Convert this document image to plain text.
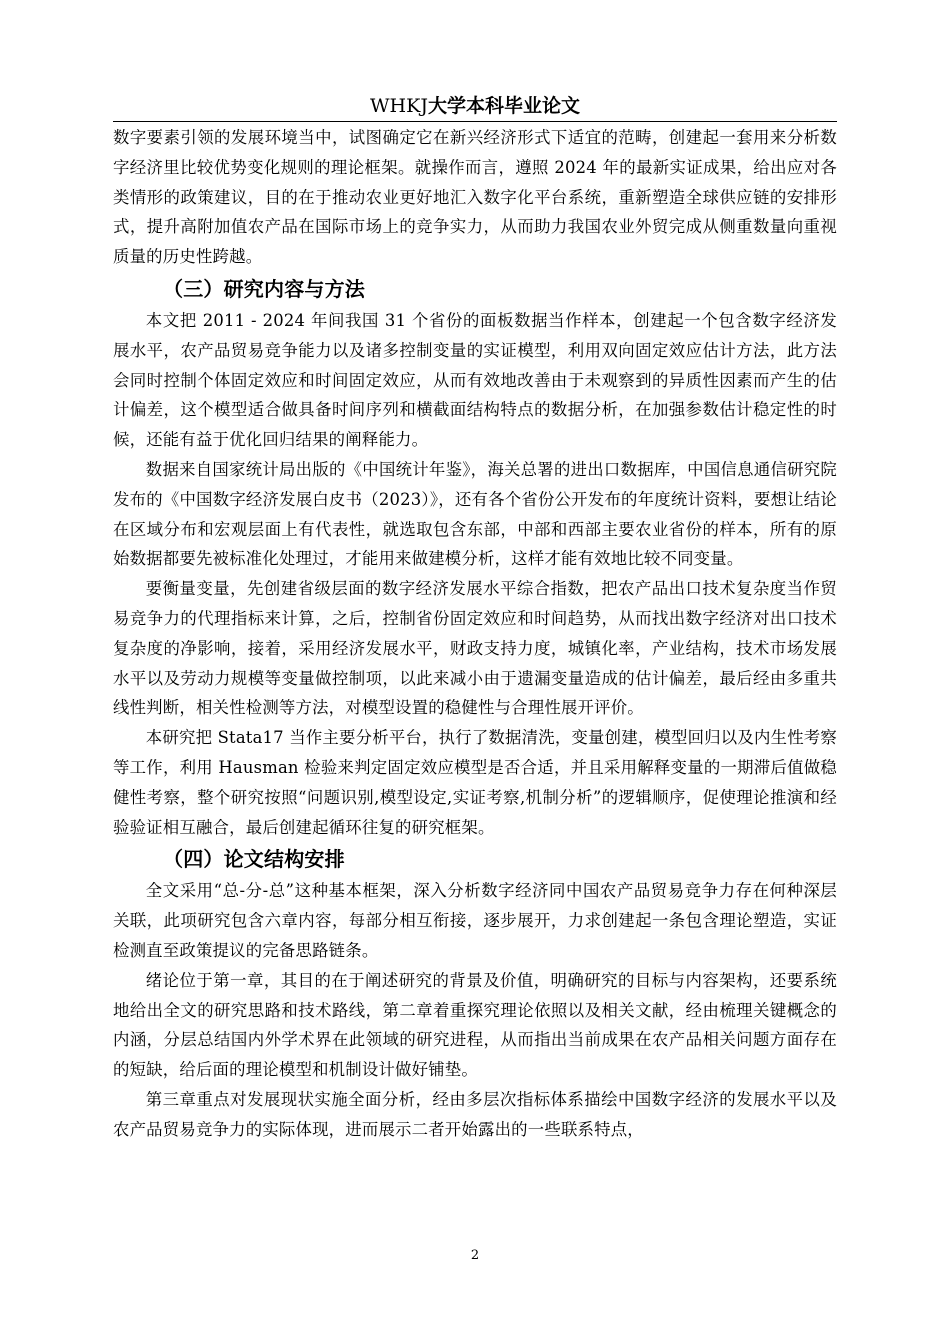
WHKJ大学本科毕业论文

数字要素引领的发展环境当中，试图确定它在新兴经济形式下适宜的范畴，创建起一套用来分析数字经济里比较优势变化规则的理论框架。就操作而言，遵照 2024 年的最新实证成果，给出应对各类情形的政策建议，目的在于推动农业更好地汇入数字化平台系统，重新塑造全球供应链的安排形式，提升高附加值农产品在国际市场上的竞争实力，从而助力我国农业外贸完成从侧重数量向重视质量的历史性跨越。

（三）研究内容与方法

本文把 2011 - 2024 年间我国 31 个省份的面板数据当作样本，创建起一个包含数字经济发展水平，农产品贸易竞争能力以及诸多控制变量的实证模型，利用双向固定效应估计方法，此方法会同时控制个体固定效应和时间固定效应，从而有效地改善由于未观察到的异质性因素而产生的估计偏差，这个模型适合做具备时间序列和横截面结构特点的数据分析，在加强参数估计稳定性的时候，还能有益于优化回归结果的阐释能力。

数据来自国家统计局出版的《中国统计年鉴》，海关总署的进出口数据库，中国信息通信研究院发布的《中国数字经济发展白皮书（2023）》，还有各个省份公开发布的年度统计资料，要想让结论在区域分布和宏观层面上有代表性，就选取包含东部，中部和西部主要农业省份的样本，所有的原始数据都要先被标准化处理过，才能用来做建模分析，这样才能有效地比较不同变量。

要衡量变量，先创建省级层面的数字经济发展水平综合指数，把农产品出口技术复杂度当作贸易竞争力的代理指标来计算，之后，控制省份固定效应和时间趋势，从而找出数字经济对出口技术复杂度的净影响，接着，采用经济发展水平，财政支持力度，城镇化率，产业结构，技术市场发展水平以及劳动力规模等变量做控制项，以此来减小由于遗漏变量造成的估计偏差，最后经由多重共线性判断，相关性检测等方法，对模型设置的稳健性与合理性展开评价。

本研究把 Stata17 当作主要分析平台，执行了数据清洗，变量创建，模型回归以及内生性考察等工作，利用 Hausman 检验来判定固定效应模型是否合适，并且采用解释变量的一期滞后值做稳健性考察，整个研究按照“问题识别,模型设定,实证考察,机制分析”的逻辑顺序，促使理论推演和经验验证相互融合，最后创建起循环往复的研究框架。

（四）论文结构安排

全文采用“总-分-总”这种基本框架，深入分析数字经济同中国农产品贸易竞争力存在何种深层关联，此项研究包含六章内容，每部分相互衔接，逐步展开，力求创建起一条包含理论塑造，实证检测直至政策提议的完备思路链条。

绪论位于第一章，其目的在于阐述研究的背景及价值，明确研究的目标与内容架构，还要系统地给出全文的研究思路和技术路线，第二章着重探究理论依照以及相关文献，经由梳理关键概念的内涵，分层总结国内外学术界在此领域的研究进程，从而指出当前成果在农产品相关问题方面存在的短缺，给后面的理论模型和机制设计做好铺垫。

第三章重点对发展现状实施全面分析，经由多层次指标体系描绘中国数字经济的发展水平以及农产品贸易竞争力的实际体现，进而展示二者开始露出的一些联系特点，

2
